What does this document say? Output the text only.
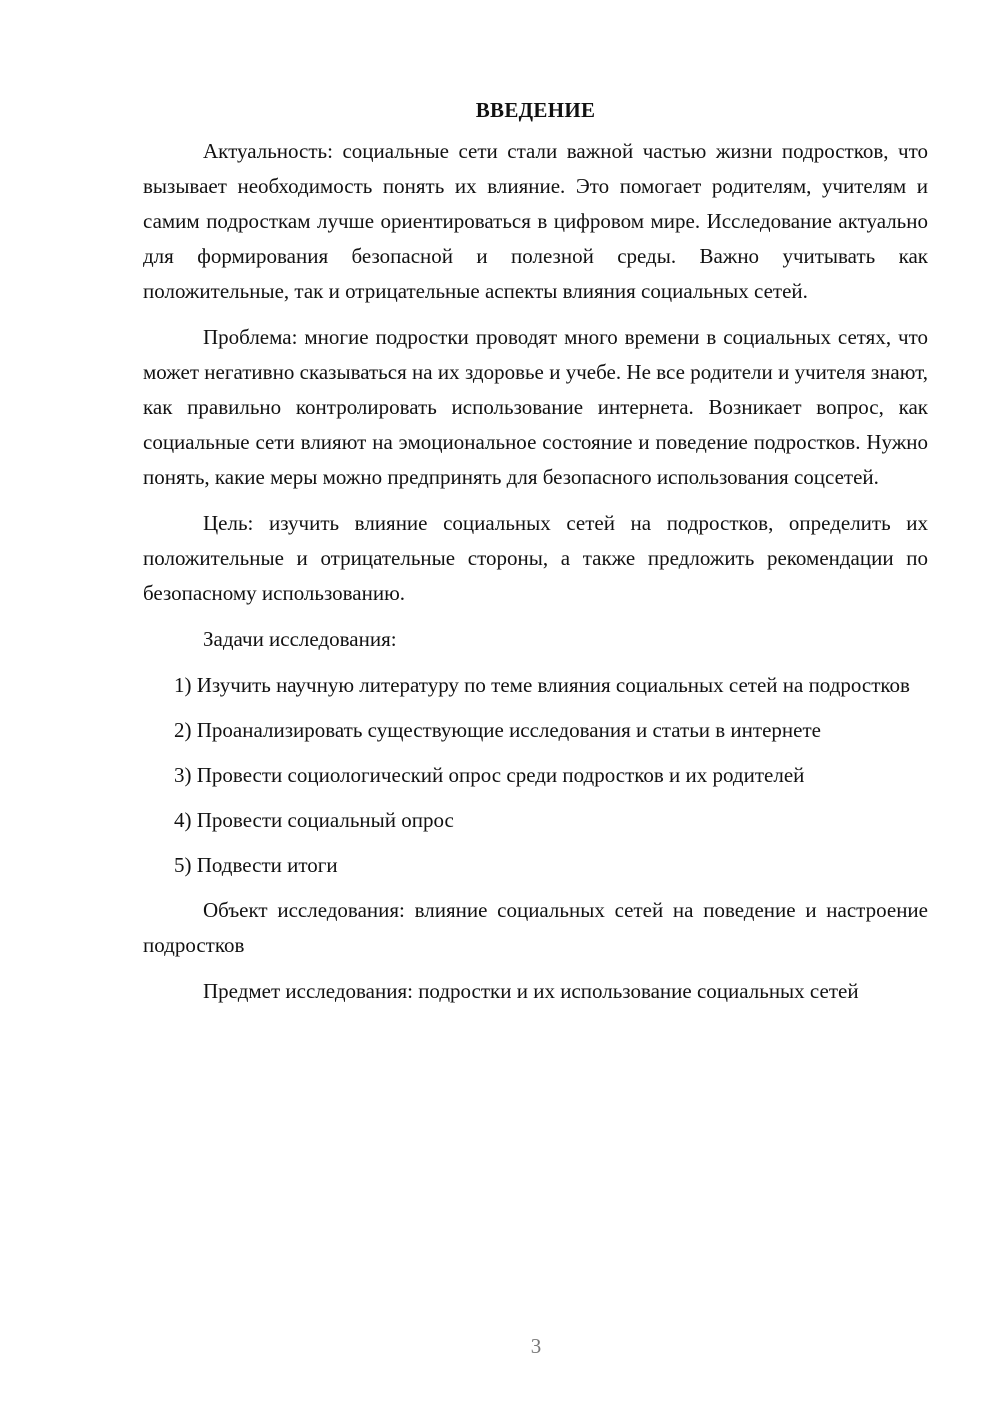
ВВЕДЕНИЕ

Актуальность: социальные сети стали важной частью жизни подростков, что вызывает необходимость понять их влияние. Это помогает родителям, учителям и самим подросткам лучше ориентироваться в цифровом мире. Исследование актуально для формирования безопасной и полезной среды. Важно учитывать как положительные, так и отрицательные аспекты влияния социальных сетей.

Проблема: многие подростки проводят много времени в социальных сетях, что может негативно сказываться на их здоровье и учебе. Не все родители и учителя знают, как правильно контролировать использование интернета. Возникает вопрос, как социальные сети влияют на эмоциональное состояние и поведение подростков. Нужно понять, какие меры можно предпринять для безопасного использования соцсетей.

Цель: изучить влияние социальных сетей на подростков, определить их положительные и отрицательные стороны, а также предложить рекомендации по безопасному использованию.

Задачи исследования:

1) Изучить научную литературу по теме влияния социальных сетей на подростков

2) Проанализировать существующие исследования и статьи в интернете

3) Провести социологический опрос среди подростков и их родителей

4) Провести социальный опрос

5) Подвести итоги

Объект исследования: влияние социальных сетей на поведение и настроение подростков

Предмет исследования: подростки и их использование социальных сетей

3
